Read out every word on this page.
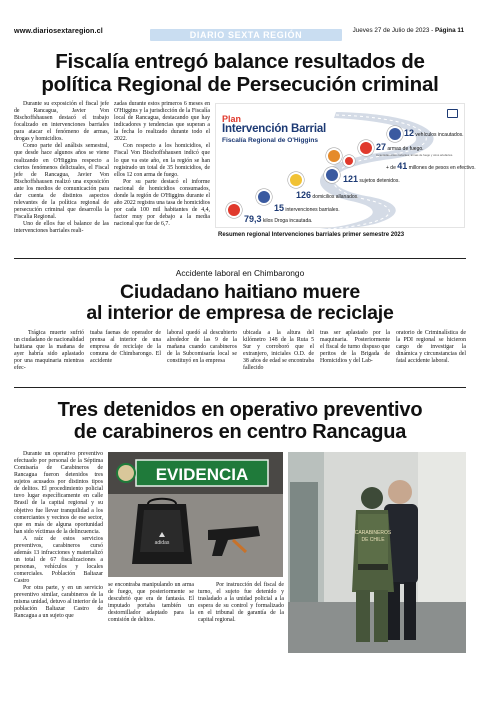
www.diariosextaregion.cl	DIARIO SEXTA REGIÓN	Jueves 27 de Julio de 2023 - Página 11
Fiscalía entregó balance resultados de
política Regional de Persecución criminal

Durante su exposición el fiscal jefe de Rancagua, Javier Von Bischoffshausen destacó el trabajo focalizado en intervenciones barriales para atacar el fenómeno de armas, drogas y homicidios.

Como parte del análisis semestral, que desde hace algunos años se viene realizando en O'Higgins respecto a ciertos fenómenos delictuales, el Fiscal jefe de Rancagua, Javier Von Bischoffshausen realizó una exposición ante los medios de comunicación para dar cuenta de distintos aspectos relevantes de la política regional de persecución criminal que desarrolla la Fiscalía Regional.

Uno de ellos fue el balance de las intervenciones barriales reali-

zadas durante estos primeros 6 meses en O'Higgins y la jurisdicción de la Fiscalía local de Rancagua, destacando que hay indicadores y tendencias que superan a la fecha lo realizado durante todo el 2022.

Con respecto a los homicidios, el Fiscal Von Bischoffshausen indicó que lo que va este año, en la región se han registrado un total de 35 homicidios, de ellos 12 con arma de fuego.

Por su parte destacó el informe nacional de homicidios consumados, donde la región de O'Higgins durante el año 2022 registra una tasa de homicidios por cada 100 mil habitantes de 4,4, factor muy por debajo a la media nacional que fue de 6,7.

Plan
Intervención Barrial
Fiscalía Regional de O'Higgins
12 vehículos incautados.
27 armas de fuego.
Incautadas entre cortantes, armas de fuego y otros artefactos.
+ de 41 millones de pesos en efectivo.
121 sujetos detenidos.
126 domicilios allanados.
15 intervenciones barriales.
79,3 kilos Droga incautada.
Resumen regional Intervenciones barriales primer semestre 2023
Accidente laboral en Chimbarongo
Ciudadano haitiano muere
al interior de empresa de reciclaje

Trágica muerte sufrió un ciudadano de nacionalidad haitiana que la mañana de ayer habría sido aplastado por una maquinaria mientras efec-

tuaba faenas de operador de prensa al interior de una empresa de reciclaje de la comuna de Chimbarongo. El accidente

laboral quedó al descubierto alrededor de las 9 de la mañana cuando carabineros de la Subcomisaría local se constituyó en la empresa

ubicada a la altura del kilómetro 148 de la Ruta 5 Sur y corroboró que el extranjero, iniciales O.D. de 38 años de edad se encontraba fallecido

tras ser aplastado por la maquinaria. Posteriormente el fiscal de turno dispuso que peritos de la Brigada de Homicidios y del Lab-

oratorio de Criminalística de la PDI regional se hicieron cargo de investigar la dinámica y circunstancias del fatal accidente laboral.

Tres detenidos en operativo preventivo
de carabineros en centro Rancagua

Durante un operativo preventivo efectuado por personal de la Séptima Comisaría de Carabineros de Rancagua fueron detenidos tres sujetos acusados por distintos tipos de delitos. El procedimiento policial tuvo lugar específicamente en calle Brasil de la capital regional y su objetivo fue llevar tranquilidad a los comerciantes y vecinos de ese sector, que en más de alguna oportunidad han sido víctimas de la delincuencia.

A raíz de estos servicios preventivos, carabineros cursó además 13 infracciones y materializó un total de 67 fiscalizaciones a personas, vehículos y locales comerciales. Población Baltazar Castro

Por otra parte, y en un servicio preventivo similar, carabineros de la misma unidad, detuvo al interior de la población Baltazar Castro de Rancagua a un sujeto que

se encontraba manipulando un arma de fuego, que posteriormente se descubrió que era de fantasía. El imputado portaba también un destornillador adaptado para la comisión de delitos.

Por instrucción del fiscal de turno, el sujeto fue detenido y trasladado a la unidad policial a la espera de su control y formalizado en el tribunal de garantía de la capital regional.

EVIDENCIA
adidas
CARABINEROS DE CHILE
